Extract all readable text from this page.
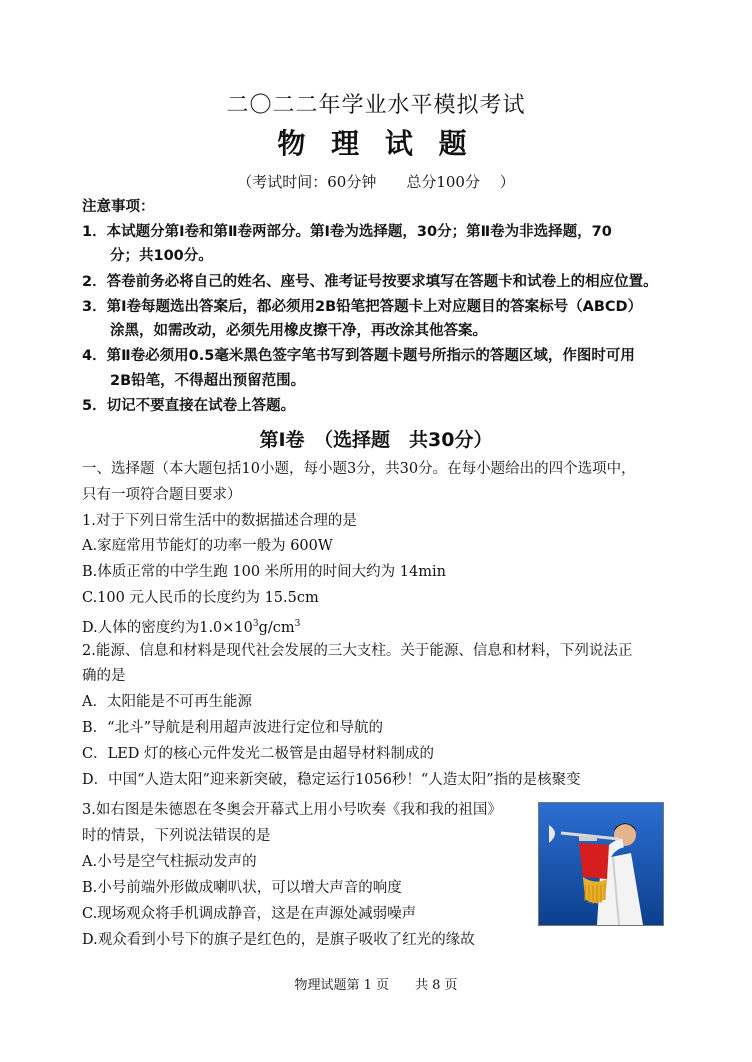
二〇二二年学业水平模拟考试
物 理 试 题
（考试时间：60分钟　　总分100分　 ）
注意事项：
1．本试题分第Ⅰ卷和第Ⅱ卷两部分。第Ⅰ卷为选择题，30分；第Ⅱ卷为非选择题，70
分；共100分。
2．答卷前务必将自己的姓名、座号、准考证号按要求填写在答题卡和试卷上的相应位置。
3．第Ⅰ卷每题选出答案后，都必须用2B铅笔把答题卡上对应题目的答案标号（ABCD）
涂黑，如需改动，必须先用橡皮擦干净，再改涂其他答案。
4．第Ⅱ卷必须用0.5毫米黑色签字笔书写到答题卡题号所指示的答题区域，作图时可用
2B铅笔，不得超出预留范围。
5．切记不要直接在试卷上答题。
第Ⅰ卷　（选择题　共30分）
一、选择题（本大题包括10小题，每小题3分，共30分。在每小题给出的四个选项中，
只有一项符合题目要求）
1.对于下列日常生活中的数据描述合理的是
A.家庭常用节能灯的功率一般为 600W
B.体质正常的中学生跑 100 米所用的时间大约为 14min
C.100 元人民币的长度约为 15.5cm
D.人体的密度约为$1.0\times 10^3g/cm^3$
2.能源、信息和材料是现代社会发展的三大支柱。关于能源、信息和材料，下列说法正
确的是
A．太阳能是不可再生能源
B．“北斗”导航是利用超声波进行定位和导航的
C．LED 灯的核心元件发光二极管是由超导材料制成的
D．中国“人造太阳”迎来新突破，稳定运行1056秒！“人造太阳”指的是核聚变
3.如右图是朱德恩在冬奥会开幕式上用小号吹奏《我和我的祖国》
时的情景，下列说法错误的是
A.小号是空气柱振动发声的
B.小号前端外形做成喇叭状，可以增大声音的响度
C.现场观众将手机调成静音，这是在声源处减弱噪声
D.观众看到小号下的旗子是红色的，是旗子吸收了红光的缘故
物理试题第 1 页　　共 8 页
